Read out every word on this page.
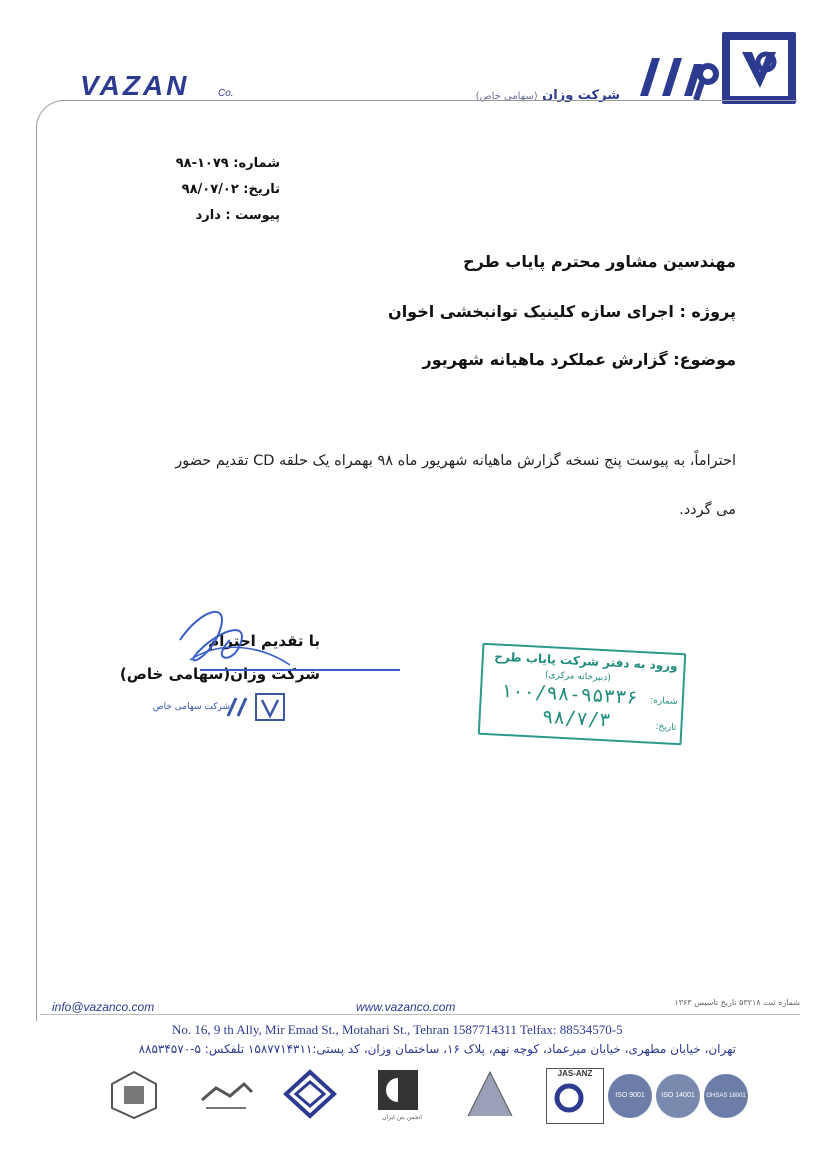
VAZAN	Co.	شرکت وزان (سهامی خاص)
شماره: ۱۰۷۹-۹۸
تاریخ: ۹۸/۰۷/۰۲
پیوست : دارد
مهندسین مشاور محترم پایاب طرح
پروژه : اجرای سازه کلینیک توانبخشی اخوان
موضوع: گزارش عملکرد ماهیانه شهریور
احتراماً، به پیوست پنج نسخه گزارش ماهیانه شهریور ماه ۹۸ بهمراه یک حلقه CD تقدیم حضور
می گردد.
با تقدیم احترام
شرکت وزان(سهامی خاص)
شرکت سهامی خاص
ورود به دفتر شرکت پایاب طرح
(دبیرخانه مرکزی)
شماره:
۱۰۰/۹۸-۹۵۳۳۶
تاریخ:
۹۸/۷/۳
info@vazanco.com	www.vazanco.com	شماره ثبت ۵۳۲۱۸ تاریخ تاسیس ۱۳۶۳
No. 16, 9 th Ally, Mir Emad St., Motahari St., Tehran 1587714311 Telfax: 88534570-5
تهران، خیابان مطهری، خیابان میرعماد، کوچه نهم، پلاک ۱۶، ساختمان وزان، کد پستی:۱۵۸۷۷۱۴۳۱۱ تلفکس: ۵-۸۸۵۳۴۵۷۰
انجمن بتن ایران
JAS-ANZ
ISO 9001	ISO 14001	OHSAS 18001
